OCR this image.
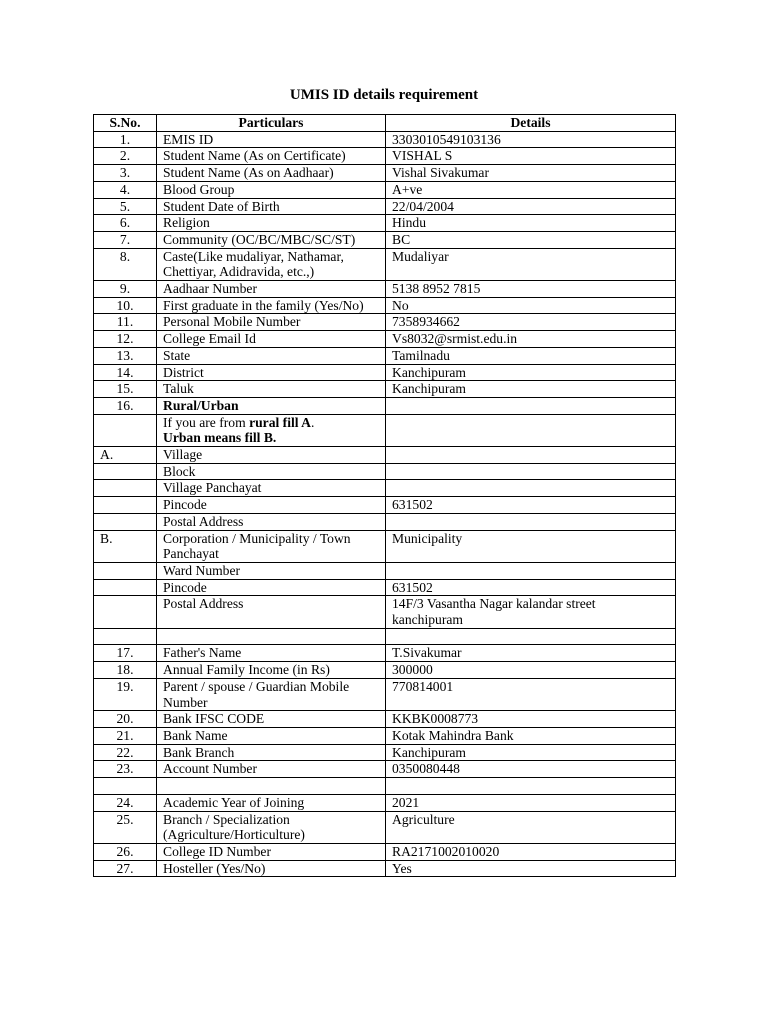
UMIS ID details requirement
S.No.	Particulars	Details
1.	EMIS ID	3303010549103136
2.	Student Name (As on Certificate)	VISHAL S
3.	Student Name (As on Aadhaar)	Vishal Sivakumar
4.	Blood Group	A+ve
5.	Student Date of Birth	22/04/2004
6.	Religion	Hindu
7.	Community (OC/BC/MBC/SC/ST)	BC
8.	Caste(Like mudaliyar, Nathamar, Chettiyar, Adidravida, etc.,)	Mudaliyar
9.	Aadhaar Number	5138 8952 7815
10.	First graduate in the family (Yes/No)	No
11.	Personal Mobile Number	7358934662
12.	College Email Id	Vs8032@srmist.edu.in
13.	State	Tamilnadu
14.	District	Kanchipuram
15.	Taluk	Kanchipuram
16.	Rural/Urban	
	If you are from rural fill A.
Urban means fill B.	
A.	Village	
	Block	
	Village Panchayat	
	Pincode	631502
	Postal Address	
B.	Corporation / Municipality / Town Panchayat	Municipality
	Ward Number	
	Pincode	631502
	Postal Address	14F/3 Vasantha Nagar kalandar street kanchipuram

17.	Father's Name	T.Sivakumar
18.	Annual Family Income (in Rs)	300000
19.	Parent / spouse / Guardian Mobile Number	770814001
20.	Bank IFSC CODE	KKBK0008773
21.	Bank Name	Kotak Mahindra Bank
22.	Bank Branch	Kanchipuram
23.	Account Number	0350080448

24.	Academic Year of Joining	2021
25.	Branch / Specialization (Agriculture/Horticulture)	Agriculture
26.	College ID Number	RA2171002010020
27.	Hosteller (Yes/No)	Yes
